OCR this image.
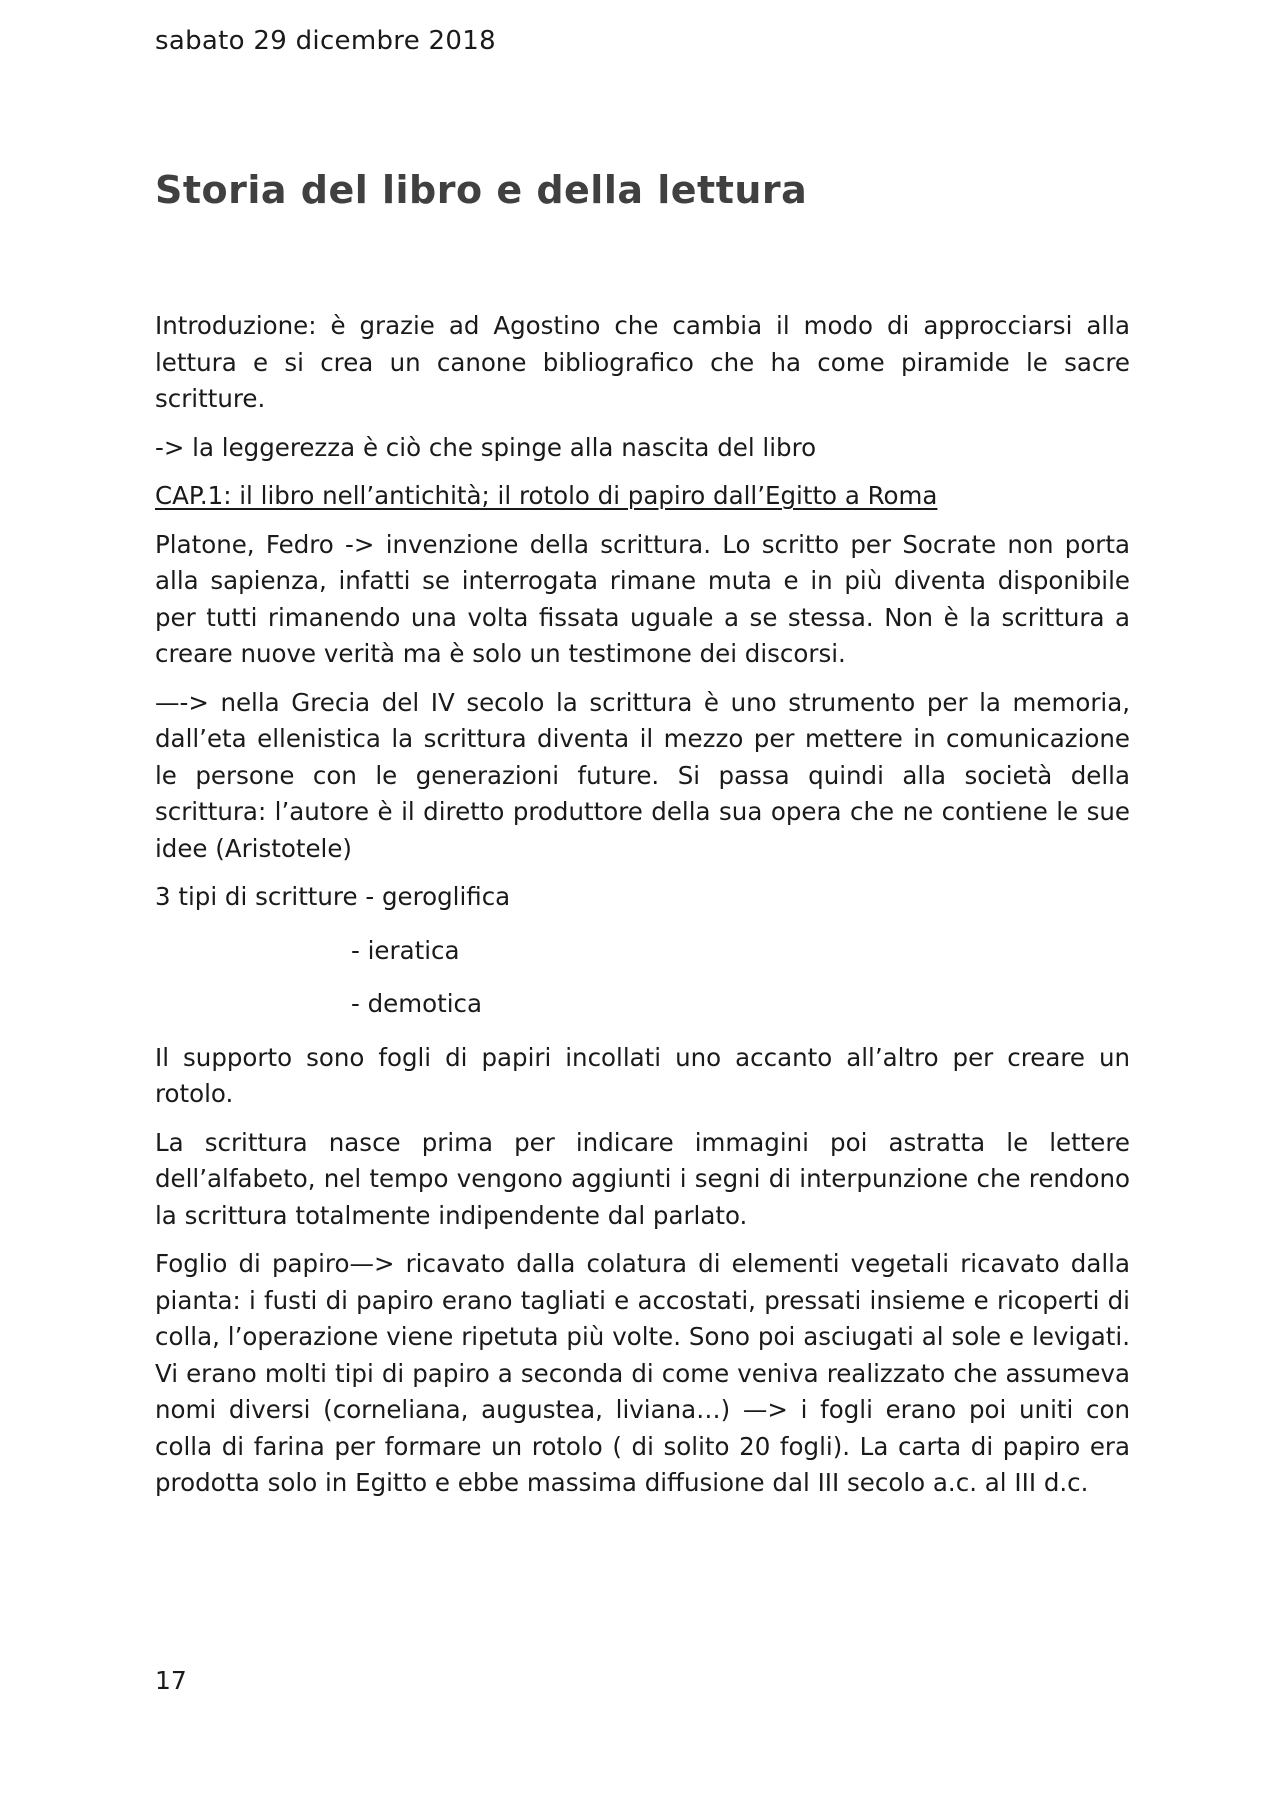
sabato 29 dicembre 2018
Storia del libro e della lettura

Introduzione: è grazie ad Agostino che cambia il modo di approcciarsi alla lettura e si crea un canone bibliografico che ha come piramide le sacre scritture.

-> la leggerezza è ciò che spinge alla nascita del libro

CAP.1: il libro nell’antichità; il rotolo di papiro dall’Egitto a Roma

Platone, Fedro -> invenzione della scrittura. Lo scritto per Socrate non porta alla sapienza, infatti se interrogata rimane muta e in più diventa disponibile per tutti rimanendo una volta fissata uguale a se stessa. Non è la scrittura a creare nuove verità ma è solo un testimone dei discorsi.

—-> nella Grecia del IV secolo la scrittura è uno strumento per la memoria, dall’eta ellenistica la scrittura diventa il mezzo per mettere in comunicazione le persone con le generazioni future. Si passa quindi alla società della scrittura: l’autore è il diretto produttore della sua opera che ne contiene le sue idee (Aristotele)

3 tipi di scritture - geroglifica
- ieratica
- demotica

Il supporto sono fogli di papiri incollati uno accanto all’altro per creare un rotolo.

La scrittura nasce prima per indicare immagini poi astratta le lettere dell’alfabeto, nel tempo vengono aggiunti i segni di interpunzione che rendono la scrittura totalmente indipendente dal parlato.

Foglio di papiro—> ricavato dalla colatura di elementi vegetali ricavato dalla pianta: i fusti di papiro erano tagliati e accostati, pressati insieme e ricoperti di colla, l’operazione viene ripetuta più volte. Sono poi asciugati al sole e levigati. Vi erano molti tipi di papiro a seconda di come veniva realizzato che assumeva nomi diversi (corneliana, augustea, liviana…) —> i fogli erano poi uniti con colla di farina per formare un rotolo ( di solito 20 fogli). La carta di papiro era prodotta solo in Egitto e ebbe massima diffusione dal III secolo a.c. al III d.c.

17
